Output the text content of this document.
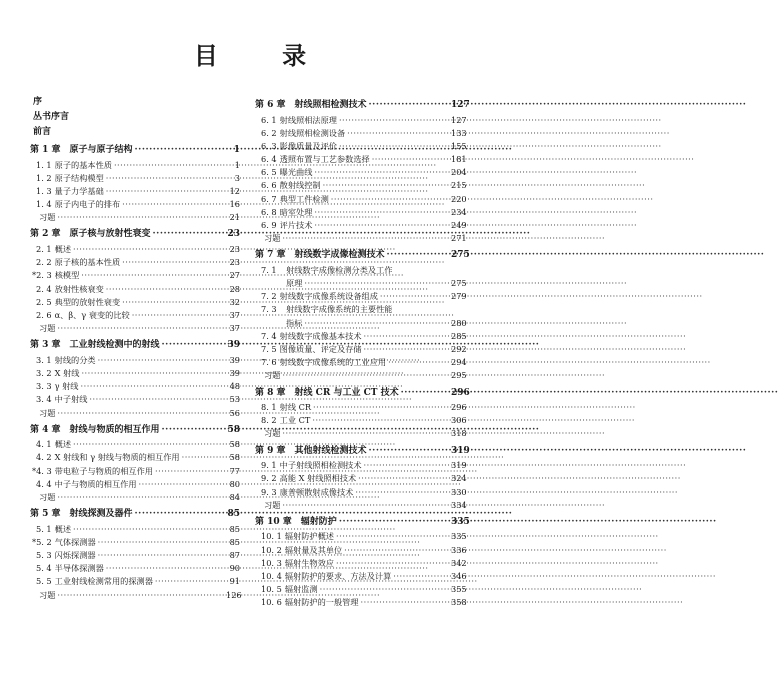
目 录
序
丛书序言
前言
第 1 章	原子与原子结构 ·····	1
1. 1 原子的基本性质 ·····	1
1. 2 原子结构模型 ·····	3
1. 3 量子力学基础 ·····	12
1. 4 原子内电子的排布 ·····	16
习题 ·····	21
第 2 章	原子核与放射性衰变 ·····	23
2. 1 概述 ·····	23
2. 2 原子核的基本性质 ·····	23
*2. 3 核模型 ·····	27
2. 4 放射性核衰变 ·····	28
2. 5 典型的放射性衰变 ·····	32
2. 6 α、β、γ 衰变的比较 ·····	37
习题 ·····	37
第 3 章	工业射线检测中的射线 ·····	39
3. 1 射线的分类 ·····	39
3. 2 X 射线 ·····	39
3. 3 γ 射线 ·····	48
3. 4 中子射线 ·····	53
习题 ·····	56
第 4 章	射线与物质的相互作用 ·····	58
4. 1 概述 ·····	58
4. 2 X 射线和 γ 射线与物质的相互作用 ·····	58
*4. 3 带电粒子与物质的相互作用 ·····	77
4. 4 中子与物质的相互作用 ·····	80
习题 ·····	84
第 5 章	射线探测及器件 ·····	85
5. 1 概述 ·····	85
*5. 2 气体探测器 ·····	85
5. 3 闪烁探测器 ·····	87
5. 4 半导体探测器 ·····	90
5. 5 工业射线检测常用的探测器 ·····	91
习题 ·····	126
第 6 章	射线照相检测技术 ·····	127
6. 1 射线照相法原理 ·····	127
6. 2 射线照相检测设备 ·····	133
6. 3 影像质量及评价 ·····	155
6. 4 透照布置与工艺参数选择 ·····	181
6. 5 曝光曲线 ·····	204
6. 6 散射线控制 ·····	215
6. 7 典型工件检测 ·····	220
6. 8 暗室处理 ·····	234
6. 9 评片技术 ·····	249
习题 ·····	271
第 7 章	射线数字成像检测技术 ·····	275
7. 1	射线数字成像检测分类及工作
原理 ·····	275
7. 2 射线数字成像系统设备组成 ·····	279
7. 3	射线数字成像系统的主要性能
指标 ·····	280
7. 4 射线数字成像基本技术 ·····	285
7. 5 图像质量、评定及存储 ·····	292
7. 6 射线数字成像系统的工业应用 ·····	294
习题 ·····	295
第 8 章	射线 CR 与工业 CT 技术 ·····	296
8. 1 射线 CR ·····	296
8. 2 工业 CT ·····	306
习题 ·····	318
第 9 章	其他射线检测技术 ·····	319
9. 1 中子射线照相检测技术 ·····	319
9. 2 高能 X 射线照相技术 ·····	324
9. 3 康普顿散射成像技术 ·····	330
习题 ·····	334
第 10 章	辐射防护 ·····	335
10. 1 辐射防护概述 ·····	335
10. 2 辐射量及其单位 ·····	336
10. 3 辐射生物效应 ·····	342
10. 4 辐射防护的要求、方法及计算 ·····	346
10. 5 辐射监测 ·····	355
10. 6 辐射防护的一般管理 ·····	358
